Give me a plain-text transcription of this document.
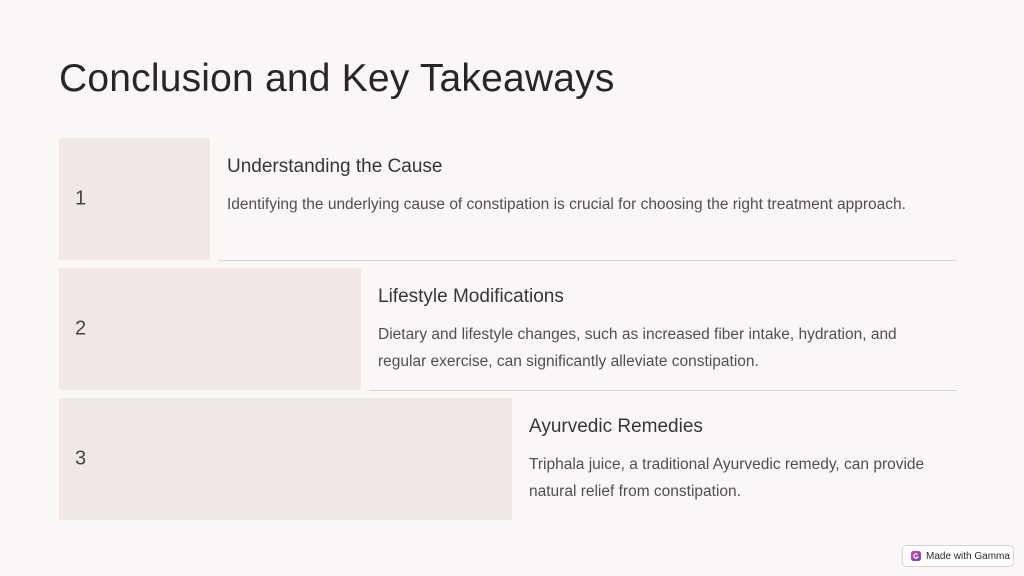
Conclusion and Key Takeaways
1

Understanding the Cause

Identifying the underlying cause of constipation is crucial for choosing the right treatment approach.

2

Lifestyle Modifications

Dietary and lifestyle changes, such as increased fiber intake, hydration, and regular exercise, can significantly alleviate constipation.

3

Ayurvedic Remedies

Triphala juice, a traditional Ayurvedic remedy, can provide natural relief from constipation.

Made with Gamma
